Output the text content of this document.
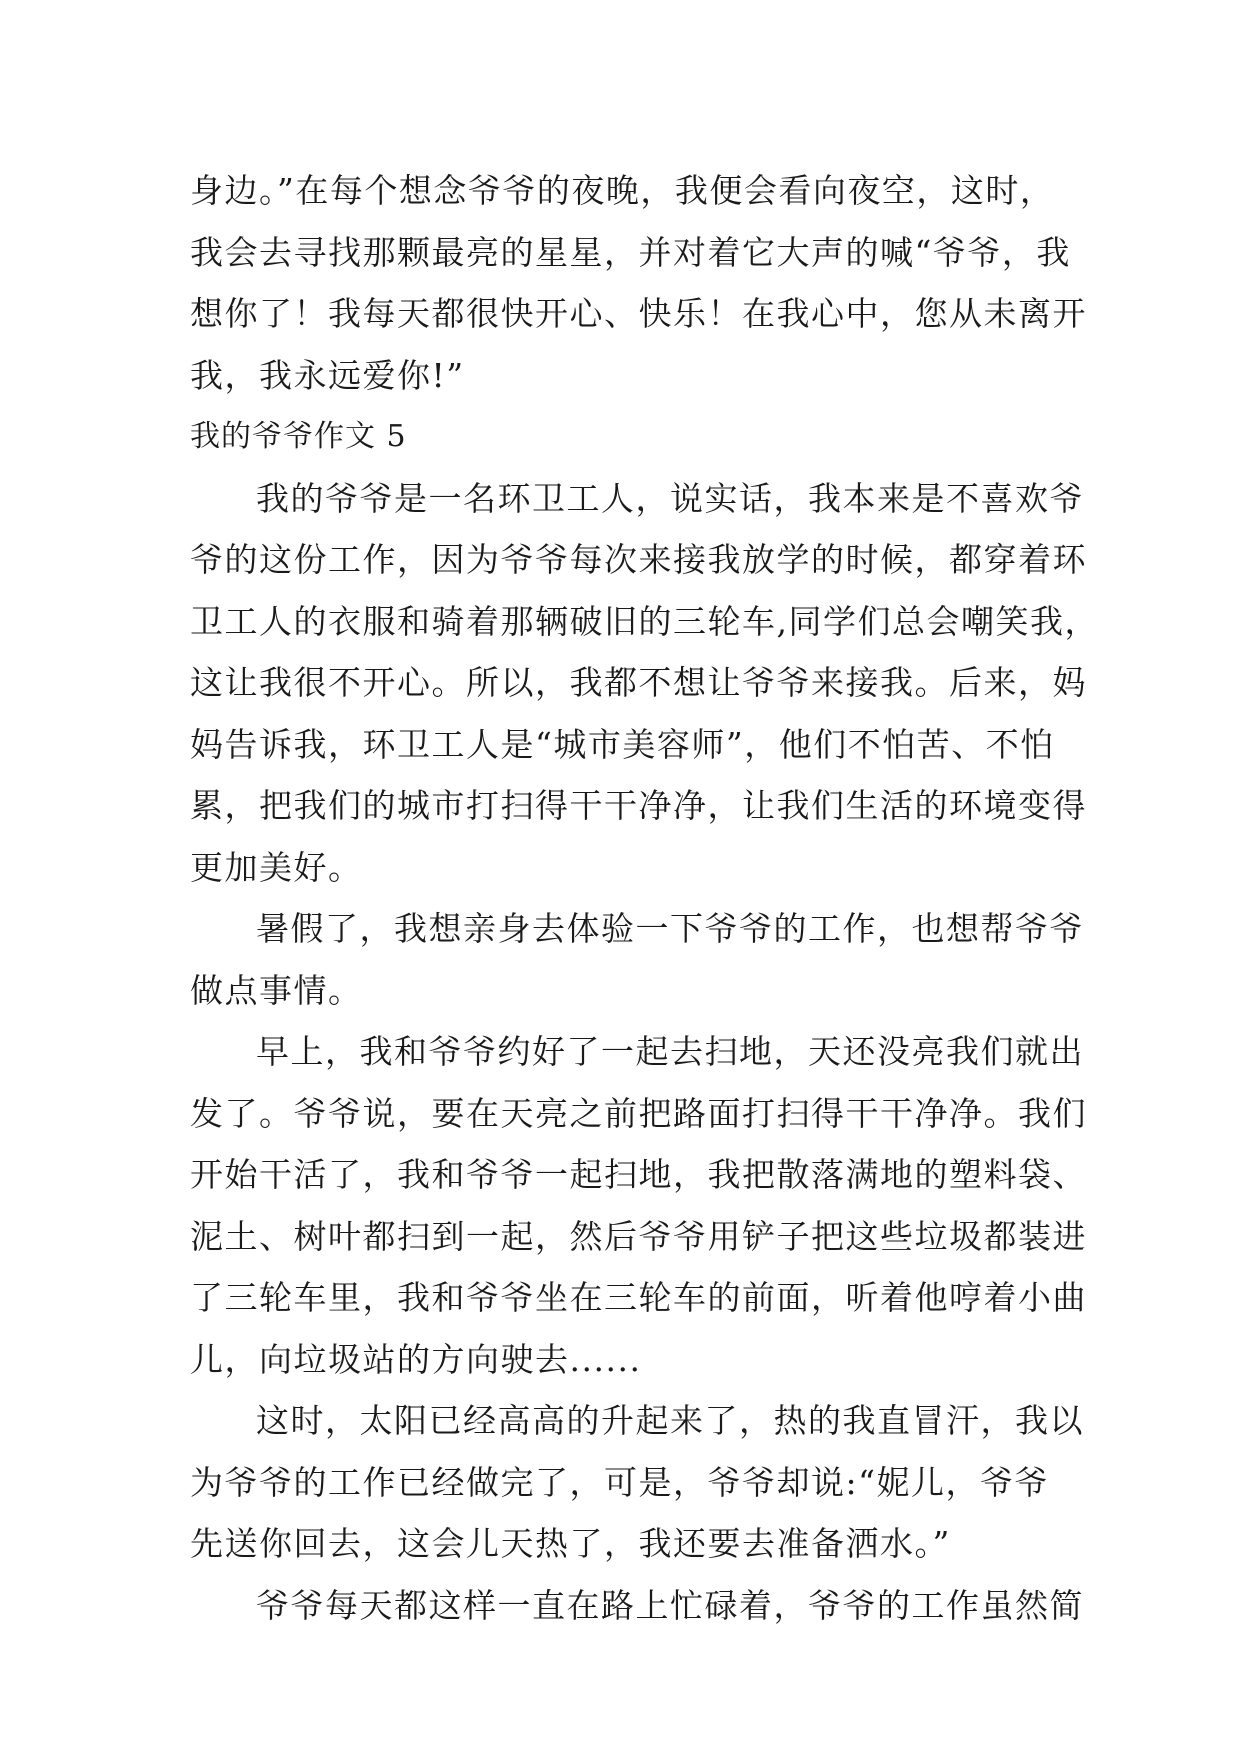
身边。”在每个想念爷爷的夜晚，我便会看向夜空，这时，
我会去寻找那颗最亮的星星，并对着它大声的喊“爷爷，我
想你了！我每天都很快开心、快乐！在我心中，您从未离开
我，我永远爱你!”
我的爷爷作文 5
我的爷爷是一名环卫工人，说实话，我本来是不喜欢爷
爷的这份工作，因为爷爷每次来接我放学的时候，都穿着环
卫工人的衣服和骑着那辆破旧的三轮车,同学们总会嘲笑我，
这让我很不开心。所以，我都不想让爷爷来接我。后来，妈
妈告诉我，环卫工人是“城市美容师”，他们不怕苦、不怕
累，把我们的城市打扫得干干净净，让我们生活的环境变得
更加美好。
暑假了，我想亲身去体验一下爷爷的工作，也想帮爷爷
做点事情。
早上，我和爷爷约好了一起去扫地，天还没亮我们就出
发了。爷爷说，要在天亮之前把路面打扫得干干净净。我们
开始干活了，我和爷爷一起扫地，我把散落满地的塑料袋、
泥土、树叶都扫到一起，然后爷爷用铲子把这些垃圾都装进
了三轮车里，我和爷爷坐在三轮车的前面，听着他哼着小曲
儿，向垃圾站的方向驶去......
这时，太阳已经高高的升起来了，热的我直冒汗，我以
为爷爷的工作已经做完了，可是，爷爷却说:“妮儿，爷爷
先送你回去，这会儿天热了，我还要去准备洒水。”
爷爷每天都这样一直在路上忙碌着，爷爷的工作虽然简
